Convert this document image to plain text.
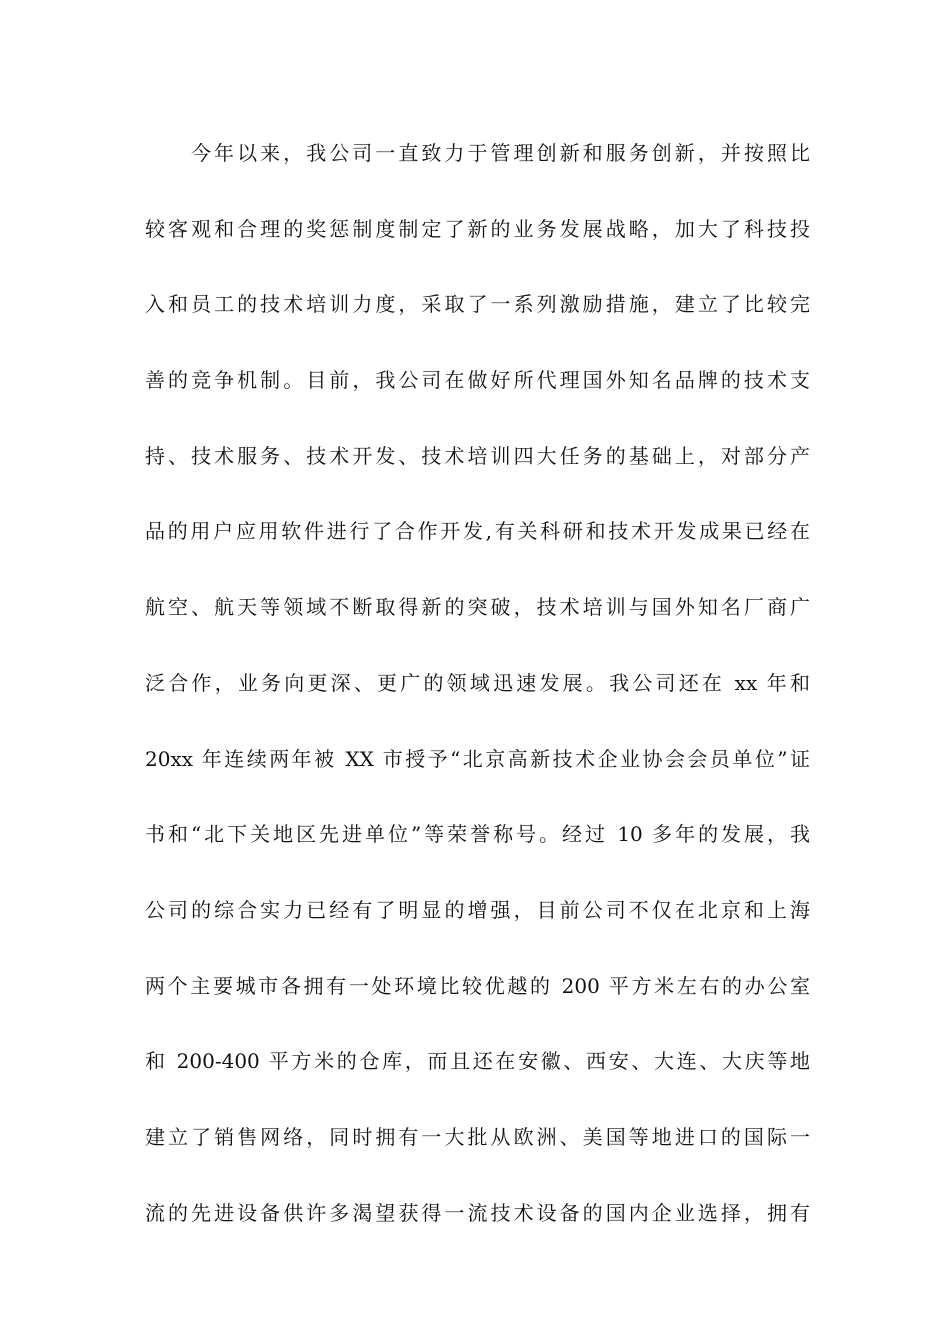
今年以来，我公司一直致力于管理创新和服务创新，并按照比
较客观和合理的奖惩制度制定了新的业务发展战略，加大了科技投
入和员工的技术培训力度，采取了一系列激励措施，建立了比较完
善的竞争机制。目前，我公司在做好所代理国外知名品牌的技术支
持、技术服务、技术开发、技术培训四大任务的基础上，对部分产
品的用户应用软件进行了合作开发,有关科研和技术开发成果已经在
航空、航天等领域不断取得新的突破，技术培训与国外知名厂商广
泛合作，业务向更深、更广的领域迅速发展。我公司还在 xx 年和
20xx 年连续两年被 XX 市授予“北京高新技术企业协会会员单位”证
书和“北下关地区先进单位”等荣誉称号。经过 10 多年的发展，我
公司的综合实力已经有了明显的增强，目前公司不仅在北京和上海
两个主要城市各拥有一处环境比较优越的 200 平方米左右的办公室
和 200-400 平方米的仓库，而且还在安徽、西安、大连、大庆等地
建立了销售网络，同时拥有一大批从欧洲、美国等地进口的国际一
流的先进设备供许多渴望获得一流技术设备的国内企业选择，拥有
